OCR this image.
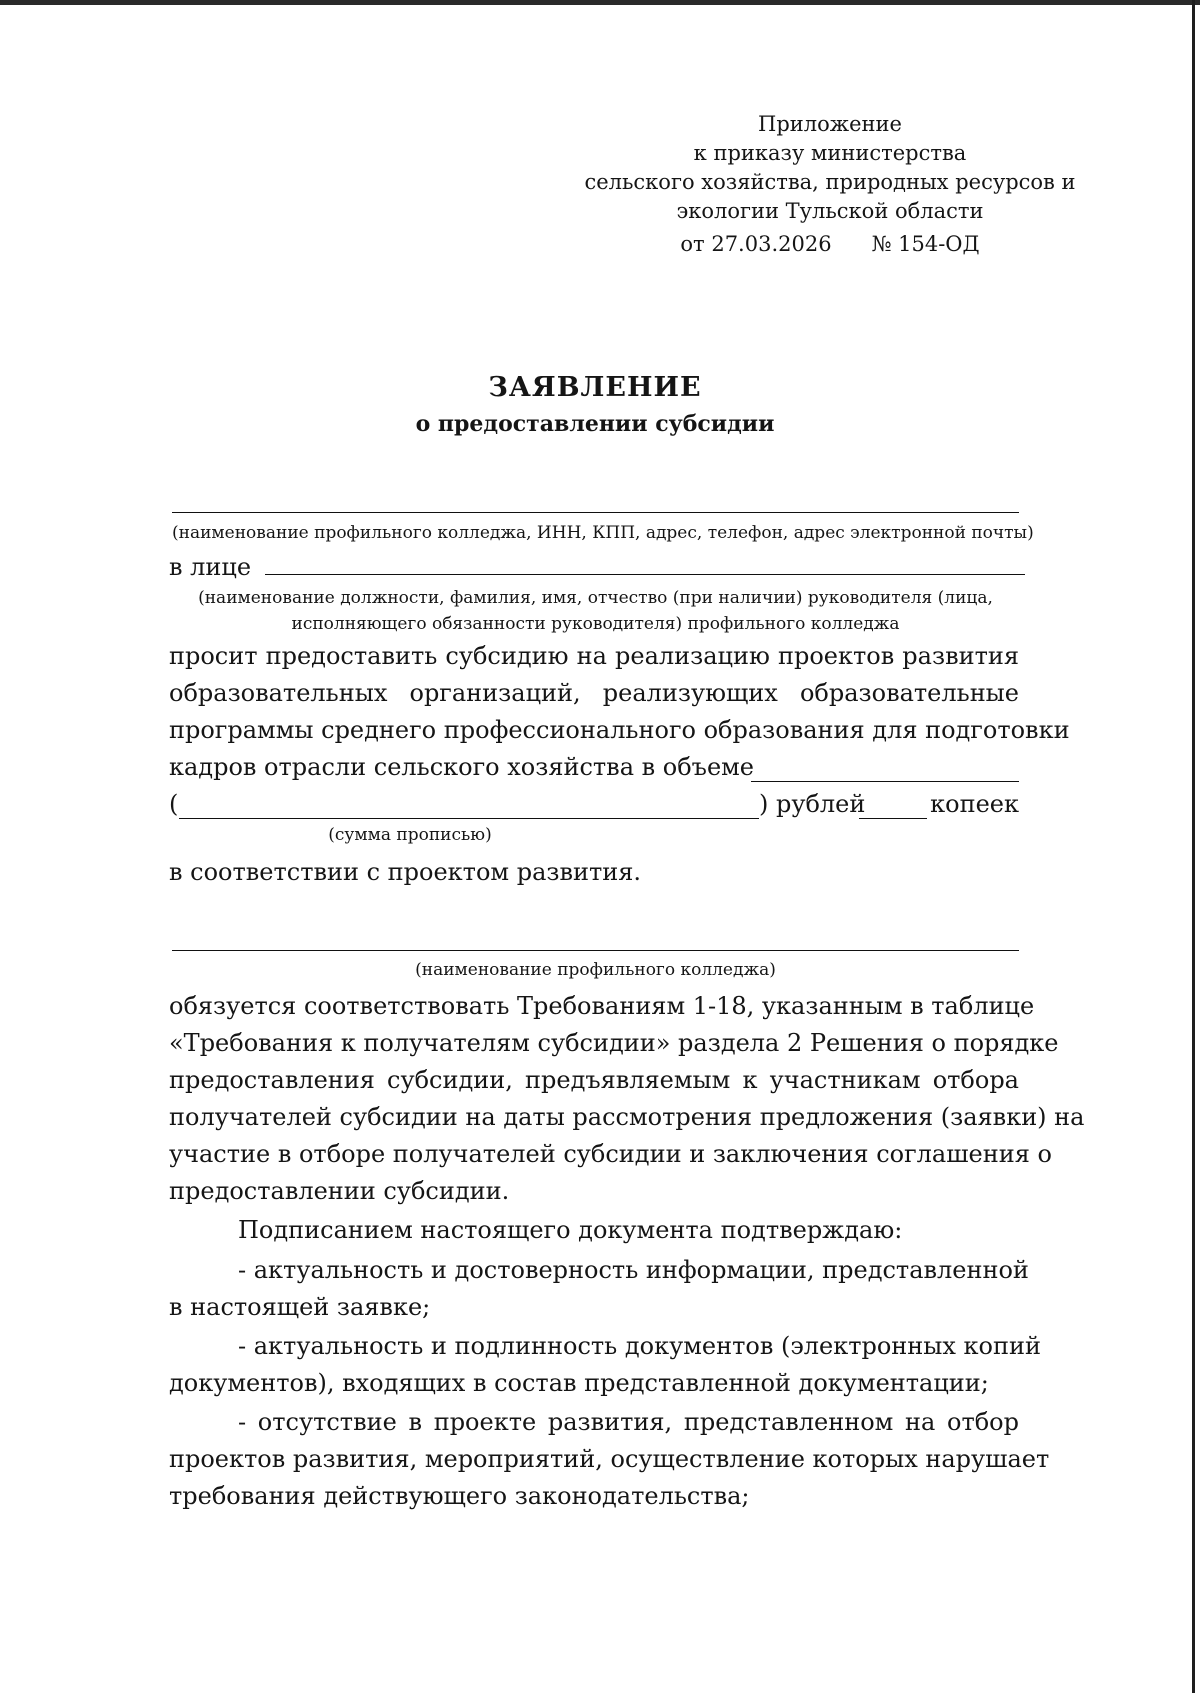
Приложение
к приказу министерства
сельского хозяйства, природных ресурсов и
экологии Тульской области
от 27.03.2026 № 154-ОД
ЗАЯВЛЕНИЕ
о предоставлении субсидии
(наименование профильного колледжа, ИНН, КПП, адрес, телефон, адрес электронной почты)
в лице
(наименование должности, фамилия, имя, отчество (при наличии) руководителя (лица,
исполняющего обязанности руководителя) профильного колледжа
просит предоставить субсидию на реализацию проектов развития
образовательных организаций, реализующих образовательные
программы среднего профессионального образования для подготовки
кадров отрасли сельского хозяйства в объеме
(	) рублей	копеек
(сумма прописью)
в соответствии с проектом развития.
(наименование профильного колледжа)
обязуется соответствовать Требованиям 1-18, указанным в таблице
«Требования к получателям субсидии» раздела 2 Решения о порядке
предоставления субсидии, предъявляемым к участникам отбора
получателей субсидии на даты рассмотрения предложения (заявки) на
участие в отборе получателей субсидии и заключения соглашения о
предоставлении субсидии.
Подписанием настоящего документа подтверждаю:
- актуальность и достоверность информации, представленной
в настоящей заявке;
- актуальность и подлинность документов (электронных копий
документов), входящих в состав представленной документации;
- отсутствие в проекте развития, представленном на отбор
проектов развития, мероприятий, осуществление которых нарушает
требования действующего законодательства;
